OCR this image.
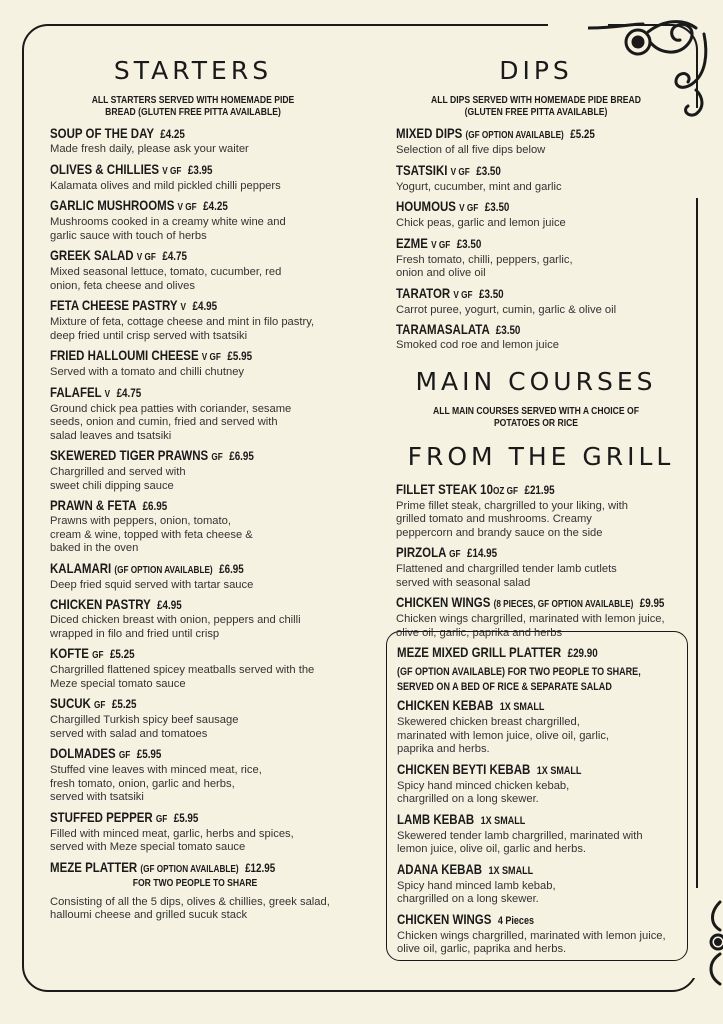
STARTERS

ALL STARTERS SERVED WITH HOMEMADE PIDE

BREAD (GLUTEN FREE PITTA AVAILABLE)

SOUP OF THE DAY £4.25
Made fresh daily, please ask your waiter
OLIVES & CHILLIES V GF £3.95
Kalamata olives and mild pickled chilli peppers
GARLIC MUSHROOMS V GF £4.25
Mushrooms cooked in a creamy white wine and garlic sauce with touch of herbs
GREEK SALAD V GF £4.75
Mixed seasonal lettuce, tomato, cucumber, red onion, feta cheese and olives
FETA CHEESE PASTRY V £4.95
Mixture of feta, cottage cheese and mint in filo pastry, deep fried until crisp served with tsatsiki
FRIED HALLOUMI CHEESE V GF £5.95
Served with a tomato and chilli chutney
FALAFEL V £4.75
Ground chick pea patties with coriander, sesame seeds, onion and cumin, fried and served with salad leaves and tsatsiki
SKEWERED TIGER PRAWNS GF £6.95
Chargrilled and served with sweet chili dipping sauce
PRAWN & FETA £6.95
Prawns with peppers, onion, tomato, cream & wine, topped with feta cheese & baked in the oven
KALAMARI (GF OPTION AVAILABLE) £6.95
Deep fried squid served with tartar sauce
CHICKEN PASTRY £4.95
Diced chicken breast with onion, peppers and chilli wrapped in filo and fried until crisp
KOFTE GF £5.25
Chargrilled flattened spicey meatballs served with the Meze special tomato sauce
SUCUK GF £5.25
Chargilled Turkish spicy beef sausage served with salad and tomatoes
DOLMADES GF £5.95
Stuffed vine leaves with minced meat, rice, fresh tomato, onion, garlic and herbs, served with tsatsiki
STUFFED PEPPER GF £5.95
Filled with minced meat, garlic, herbs and spices, served with Meze special tomato sauce
MEZE PLATTER (GF OPTION AVAILABLE) £12.95
FOR TWO PEOPLE TO SHARE
Consisting of all the 5 dips, olives & chillies, greek salad, halloumi cheese and grilled sucuk stack
DIPS

ALL DIPS SERVED WITH HOMEMADE PIDE BREAD

(GLUTEN FREE PITTA AVAILABLE)

MIXED DIPS (GF OPTION AVAILABLE) £5.25
Selection of all five dips below
TSATSIKI V GF £3.50
Yogurt, cucumber, mint and garlic
HOUMOUS V GF £3.50
Chick peas, garlic and lemon juice
EZME V GF £3.50
Fresh tomato, chilli, peppers, garlic, onion and olive oil
TARATOR V GF £3.50
Carrot puree, yogurt, cumin, garlic & olive oil
TARAMASALATA £3.50
Smoked cod roe and lemon juice
MAIN COURSES

ALL MAIN COURSES SERVED WITH A CHOICE OF POTATOES OR RICE

FROM THE GRILL
FILLET STEAK 10OZ GF £21.95
Prime fillet steak, chargrilled to your liking, with grilled tomato and mushrooms. Creamy peppercorn and brandy sauce on the side
PIRZOLA GF £14.95
Flattened and chargrilled tender lamb cutlets served with seasonal salad
CHICKEN WINGS (8 PIECES, GF OPTION AVAILABLE) £9.95
Chicken wings chargrilled, marinated with lemon juice, olive oil, garlic, paprika and herbs
MEZE MIXED GRILL PLATTER £29.90
(GF OPTION AVAILABLE) FOR TWO PEOPLE TO SHARE,
SERVED ON A BED OF RICE & SEPARATE SALAD
CHICKEN KEBAB 1X SMALL
Skewered chicken breast chargrilled, marinated with lemon juice, olive oil, garlic, paprika and herbs.
CHICKEN BEYTI KEBAB 1X SMALL
Spicy hand minced chicken kebab, chargrilled on a long skewer.
LAMB KEBAB 1X SMALL
Skewered tender lamb chargrilled, marinated with lemon juice, olive oil, garlic and herbs.
ADANA KEBAB 1X SMALL
Spicy hand minced lamb kebab, chargrilled on a long skewer.
CHICKEN WINGS 4 Pieces
Chicken wings chargrilled, marinated with lemon juice, olive oil, garlic, paprika and herbs.
